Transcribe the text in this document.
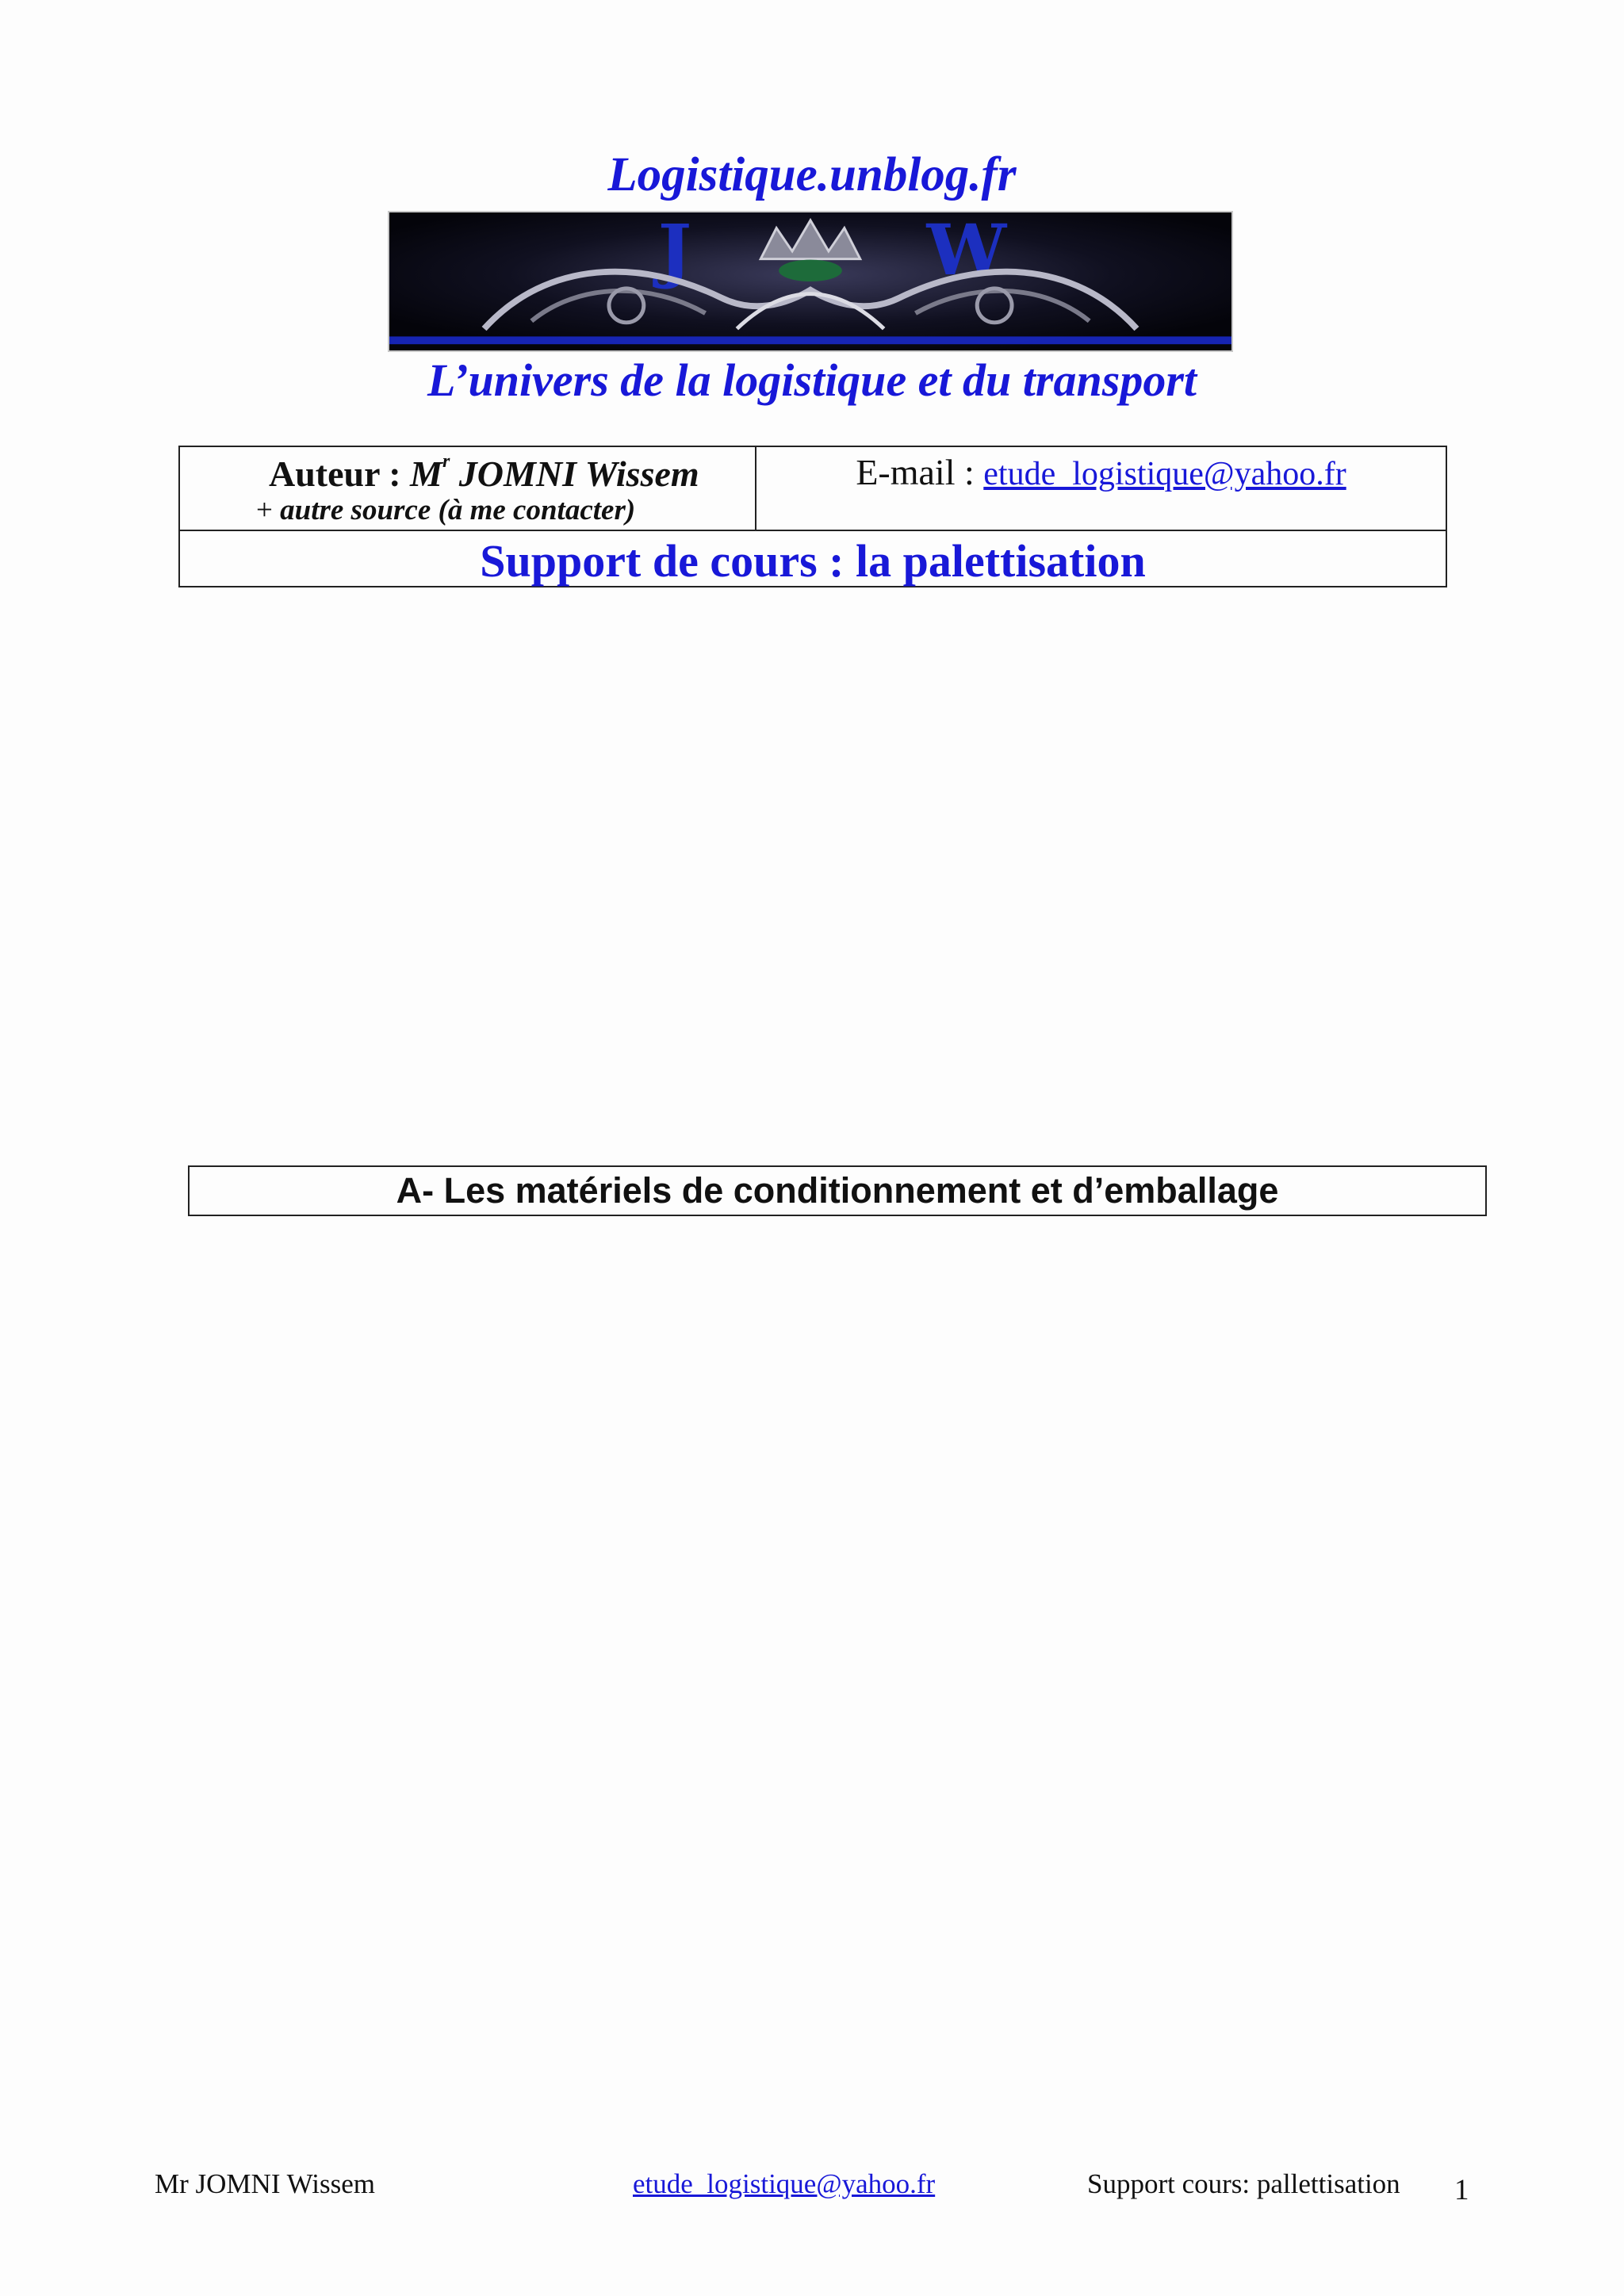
Logistique.unblog.fr
J	W
L’univers de la logistique et du transport
Auteur : $M^r$ JOMNI Wissem
+ autre source (à me contacter)
E-mail : etude_logistique@yahoo.fr
Support de cours : la palettisation
A- Les matériels de conditionnement et d’emballage
Mr JOMNI Wissem	etude_logistique@yahoo.fr	Support cours: pallettisation 1
